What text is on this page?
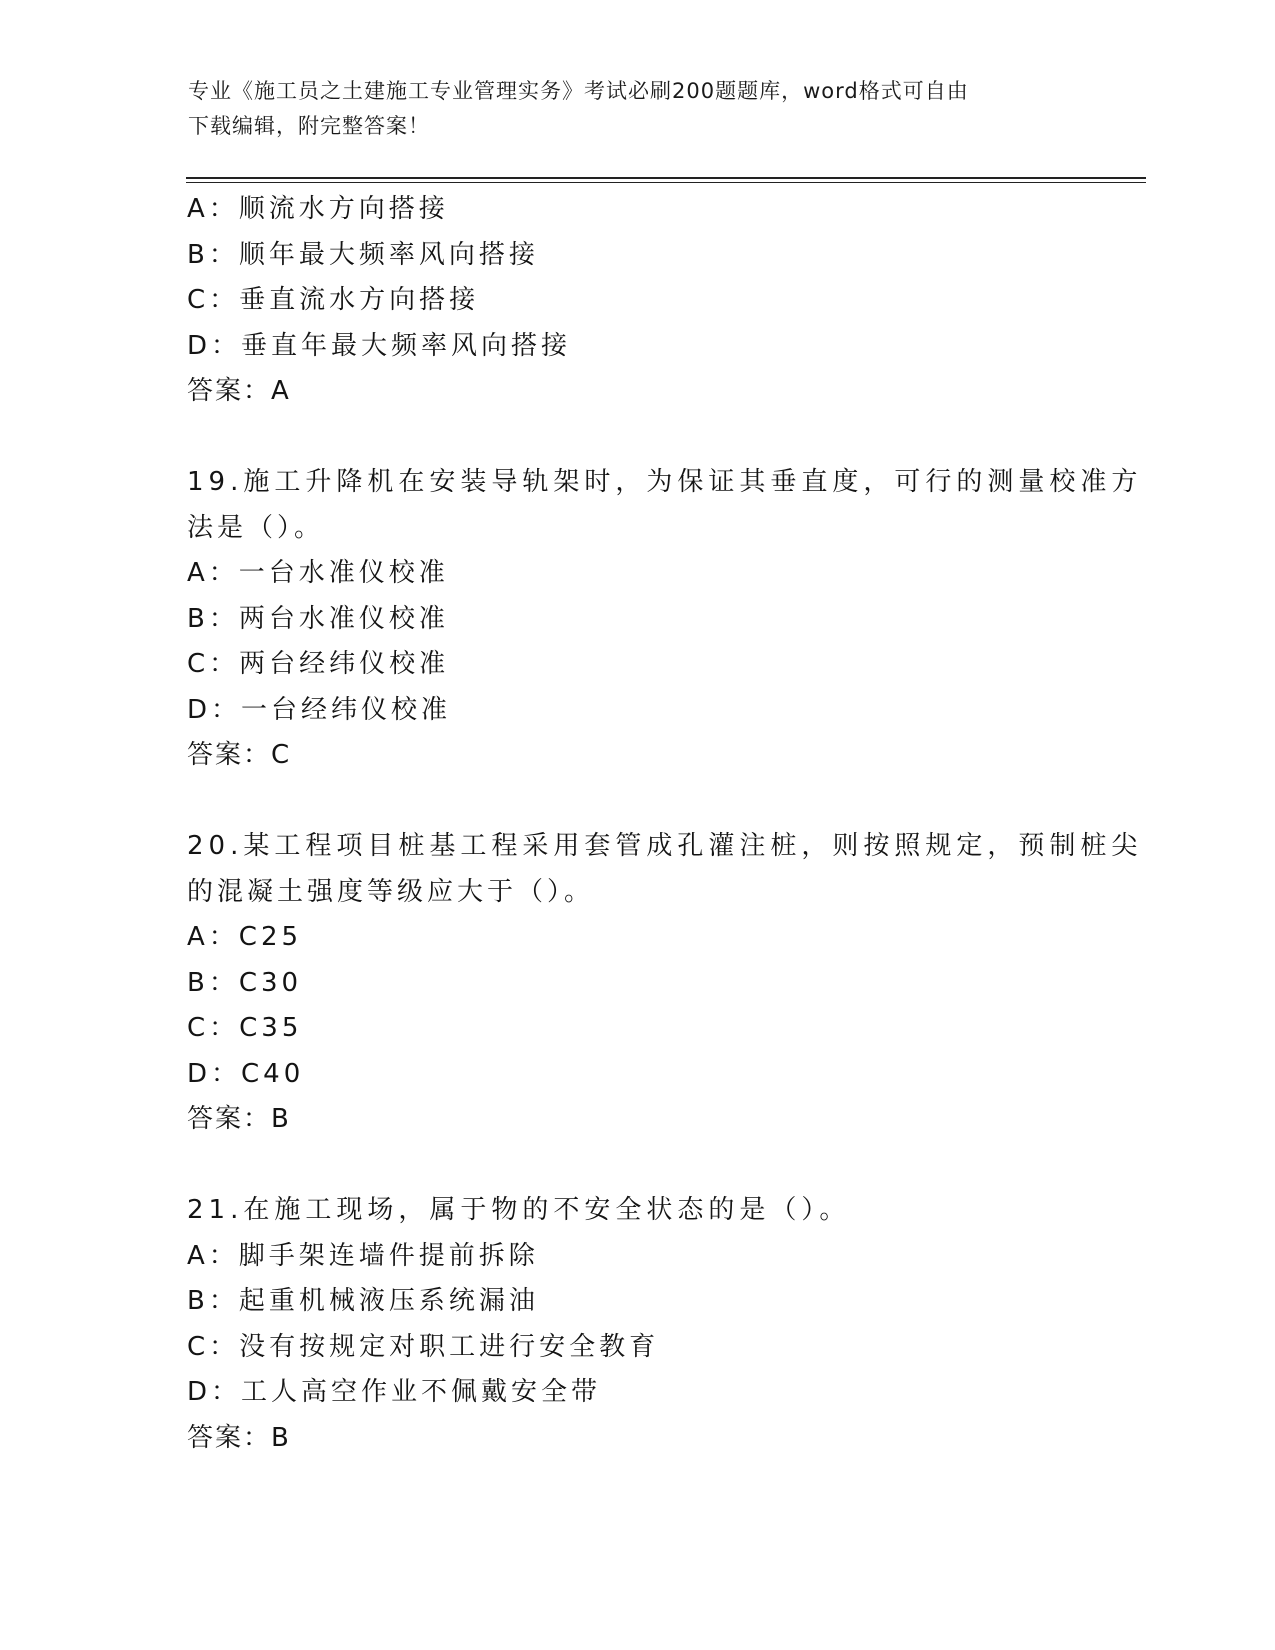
专业《施工员之土建施工专业管理实务》考试必刷200题题库，word格式可自由
下载编辑，附完整答案！
A：顺流水方向搭接
B：顺年最大频率风向搭接
C：垂直流水方向搭接
D：垂直年最大频率风向搭接
答案：A
19.施工升降机在安装导轨架时，为保证其垂直度，可行的测量校准方
法是（）。
A：一台水准仪校准
B：两台水准仪校准
C：两台经纬仪校准
D：一台经纬仪校准
答案：C
20.某工程项目桩基工程采用套管成孔灌注桩，则按照规定，预制桩尖
的混凝土强度等级应大于（）。
A：C25
B：C30
C：C35
D：C40
答案：B
21.在施工现场，属于物的不安全状态的是（）。
A：脚手架连墙件提前拆除
B：起重机械液压系统漏油
C：没有按规定对职工进行安全教育
D：工人高空作业不佩戴安全带
答案：B
